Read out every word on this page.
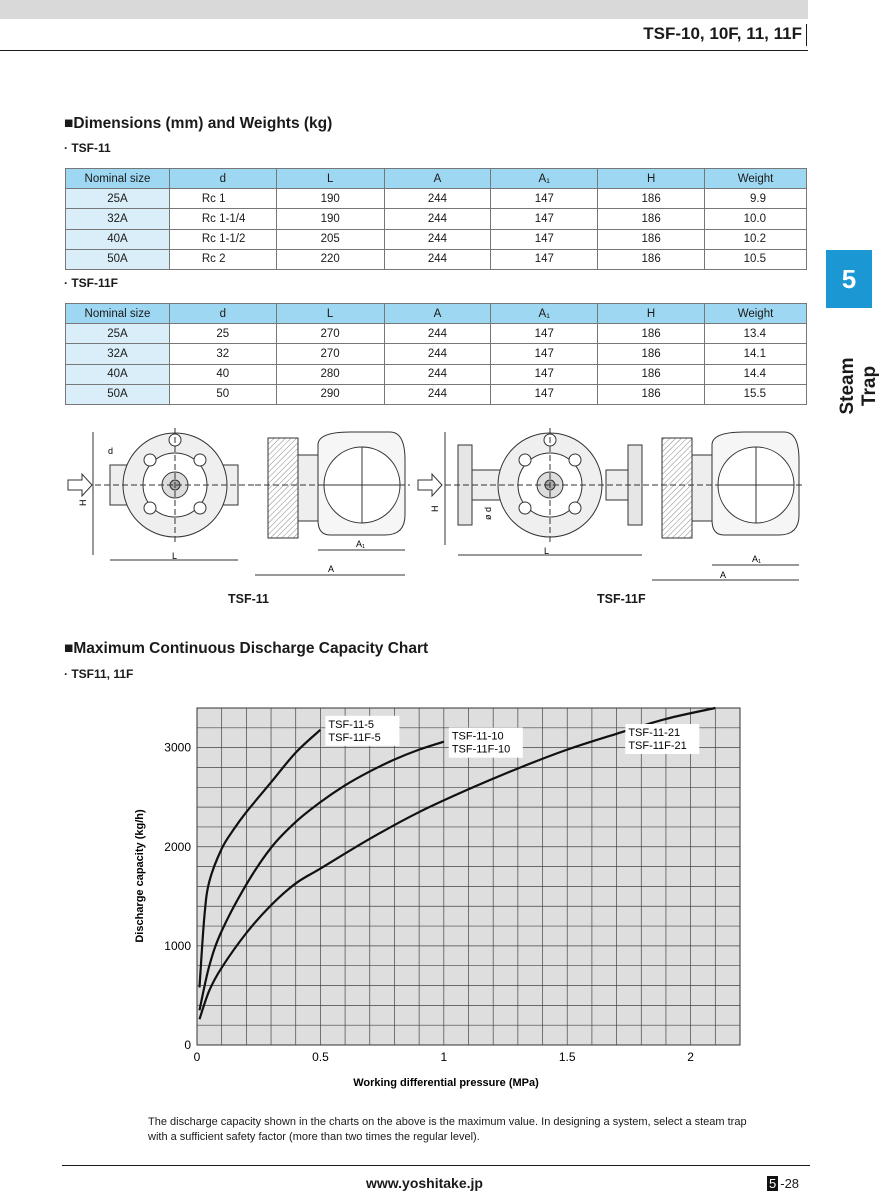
TSF-10, 10F, 11, 11F
5
Steam Trap
■Dimensions (mm) and Weights (kg)
· TSF-11
Nominal size	d	L	A	A₁	H	Weight
25A	Rc 1	190	244	147	186	9.9
32A	Rc 1-1/4	190	244	147	186	10.0
40A	Rc 1-1/2	205	244	147	186	10.2
50A	Rc 2	220	244	147	186	10.5
· TSF-11F
Nominal size	d	L	A	A₁	H	Weight
25A	25	270	244	147	186	13.4
32A	32	270	244	147	186	14.1
40A	40	280	244	147	186	14.4
50A	50	290	244	147	186	15.5
d
H
L
A₁
A
H	ø d
L
A₁
A
TSF-11	TSF-11F
■Maximum Continuous Discharge Capacity Chart
· TSF11, 11F
TSF-11-5
TSF-11F-5	TSF-11-10
TSF-11F-10
TSF-11-21
TSF-11F-21
0	0.5	1	1.5	2
0
1000
2000
3000
Working differential pressure (MPa)
Discharge capacity (kg/h)
The discharge capacity shown in the charts on the above is the maximum value. In designing a system, select a steam trap with a sufficient safety factor (more than two times the regular level).
www.yoshitake.jp	5 -28
